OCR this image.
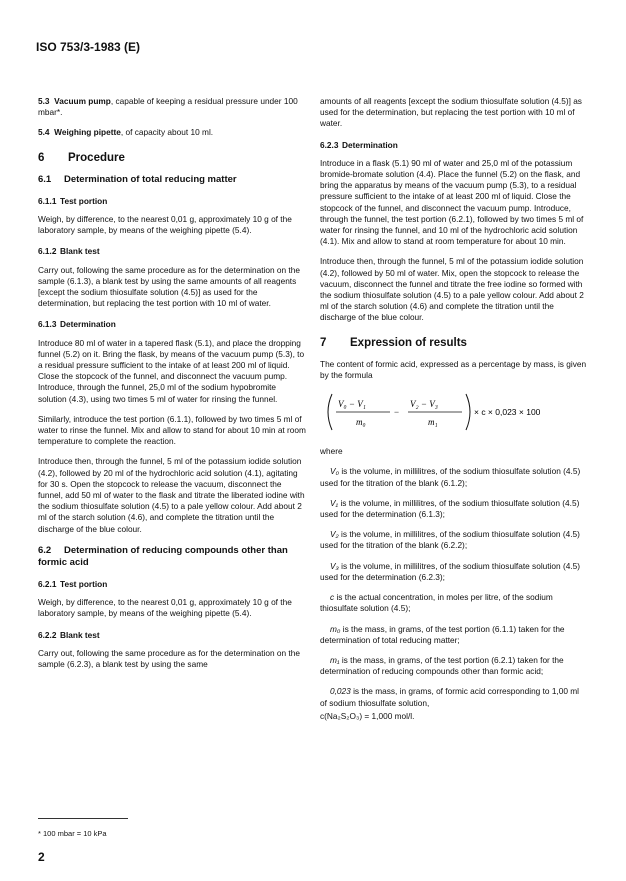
ISO 753/3-1983 (E)

5.3 Vacuum pump, capable of keeping a residual pressure under 100 mbar*.

5.4 Weighing pipette, of capacity about 10 ml.

6 Procedure
6.1 Determination of total reducing matter
6.1.1 Test portion

Weigh, by difference, to the nearest 0,01 g, approximately 10 g of the laboratory sample, by means of the weighing pipette (5.4).

6.1.2 Blank test

Carry out, following the same procedure as for the determination on the sample (6.1.3), a blank test by using the same amounts of all reagents [except the sodium thiosulfate solution (4.5)] as used for the determination, but replacing the test portion with 10 ml of water.

6.1.3 Determination

Introduce 80 ml of water in a tapered flask (5.1), and place the dropping funnel (5.2) on it. Bring the flask, by means of the vacuum pump (5.3), to a residual pressure sufficient to the intake of at least 200 ml of liquid. Close the stopcock of the funnel, and disconnect the vacuum pump. Introduce, through the funnel, 25,0 ml of the sodium hypobromite solution (4.3), using two times 5 ml of water for rinsing the funnel.

Similarly, introduce the test portion (6.1.1), followed by two times 5 ml of water to rinse the funnel. Mix and allow to stand for about 10 min at room temperature to complete the reaction.

Introduce then, through the funnel, 5 ml of the potassium iodide solution (4.2), followed by 20 ml of the hydrochloric acid solution (4.1), agitating for 30 s. Open the stopcock to release the vacuum, disconnect the funnel, add 50 ml of water to the flask and titrate the liberated iodine with the sodium thiosulfate solution (4.5) to a pale yellow colour. Add about 2 ml of the starch solution (4.6), and complete the titration until the discharge of the blue colour.

6.2 Determination of reducing compounds other than formic acid
6.2.1 Test portion

Weigh, by difference, to the nearest 0,01 g, approximately 10 g of the laboratory sample, by means of the weighing pipette (5.4).

6.2.2 Blank test

Carry out, following the same procedure as for the determination on the sample (6.2.3), a blank test by using the same

amounts of all reagents [except the sodium thiosulfate solution (4.5)] as used for the determination, but replacing the test portion with 10 ml of water.

6.2.3 Determination

Introduce in a flask (5.1) 90 ml of water and 25,0 ml of the potassium bromide-bromate solution (4.4). Place the funnel (5.2) on the flask, and bring the apparatus by means of the vacuum pump (5.3), to a residual pressure sufficient to the intake of at least 200 ml of liquid. Close the stopcock of the funnel, and disconnect the vacuum pump. Introduce, through the funnel, the test portion (6.2.1), followed by two times 5 ml of water for rinsing the funnel, and 10 ml of the hydrochloric acid solution (4.1). Mix and allow to stand at room temperature for about 10 min.

Introduce then, through the funnel, 5 ml of the potassium iodide solution (4.2), followed by 50 ml of water. Mix, open the stopcock to release the vacuum, disconnect the funnel and titrate the free iodine so formed with the sodium thiosulfate solution (4.5) to a pale yellow colour. Add about 2 ml of the starch solution (4.6) and complete the titration until the discharge of the blue colour.

7 Expression of results

The content of formic acid, expressed as a percentage by mass, is given by the formula

V₀ − V₁
m₀
−
V₂ − V₃
m₁
× c × 0,023 × 100

where

V₀ is the volume, in millilitres, of the sodium thiosulfate solution (4.5) used for the titration of the blank (6.1.2);

V₁ is the volume, in millilitres, of the sodium thiosulfate solution (4.5) used for the determination (6.1.3);

V₂ is the volume, in millilitres, of the sodium thiosulfate solution (4.5) used for the titration of the blank (6.2.2);

V₃ is the volume, in millilitres, of the sodium thiosulfate solution (4.5) used for the determination (6.2.3);

c is the actual concentration, in moles per litre, of the sodium thiosulfate solution (4.5);

m₀ is the mass, in grams, of the test portion (6.1.1) taken for the determination of total reducing matter;

m₁ is the mass, in grams, of the test portion (6.2.1) taken for the determination of reducing compounds other than formic acid;

0,023 is the mass, in grams, of formic acid corresponding to 1,00 ml of sodium thiosulfate solution,

c(Na₂S₂O₃) = 1,000 mol/l.

* 100 mbar = 10 kPa
2
